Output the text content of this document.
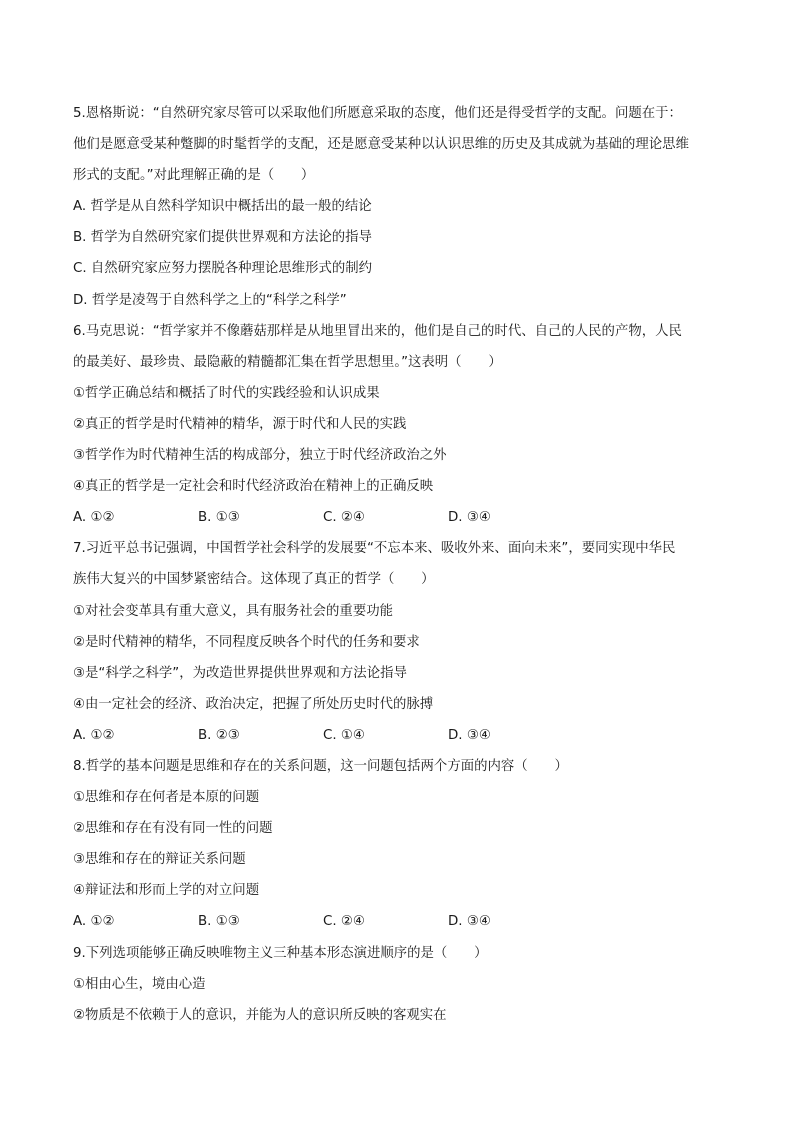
5.恩格斯说：“自然研究家尽管可以采取他们所愿意采取的态度，他们还是得受哲学的支配。问题在于：
他们是愿意受某种蹩脚的时髦哲学的支配，还是愿意受某种以认识思维的历史及其成就为基础的理论思维
形式的支配。”对此理解正确的是（　　）
A. 哲学是从自然科学知识中概括出的最一般的结论
B. 哲学为自然研究家们提供世界观和方法论的指导
C. 自然研究家应努力摆脱各种理论思维形式的制约
D. 哲学是凌驾于自然科学之上的“科学之科学”
6.马克思说：“哲学家并不像蘑菇那样是从地里冒出来的，他们是自己的时代、自己的人民的产物，人民
的最美好、最珍贵、最隐蔽的精髓都汇集在哲学思想里。”这表明（　　）
①哲学正确总结和概括了时代的实践经验和认识成果
②真正的哲学是时代精神的精华，源于时代和人民的实践
③哲学作为时代精神生活的构成部分，独立于时代经济政治之外
④真正的哲学是一定社会和时代经济政治在精神上的正确反映
A. ①②	B. ①③	C. ②④	D. ③④
7.习近平总书记强调，中国哲学社会科学的发展要“不忘本来、吸收外来、面向未来”，要同实现中华民
族伟大复兴的中国梦紧密结合。这体现了真正的哲学（　　）
①对社会变革具有重大意义，具有服务社会的重要功能
②是时代精神的精华，不同程度反映各个时代的任务和要求
③是“科学之科学”，为改造世界提供世界观和方法论指导
④由一定社会的经济、政治决定，把握了所处历史时代的脉搏
A. ①②	B. ②③	C. ①④	D. ③④
8.哲学的基本问题是思维和存在的关系问题，这一问题包括两个方面的内容（　　）
①思维和存在何者是本原的问题
②思维和存在有没有同一性的问题
③思维和存在的辩证关系问题
④辩证法和形而上学的对立问题
A. ①②	B. ①③	C. ②④	D. ③④
9.下列选项能够正确反映唯物主义三种基本形态演进顺序的是（　　）
①相由心生，境由心造
②物质是不依赖于人的意识，并能为人的意识所反映的客观实在
